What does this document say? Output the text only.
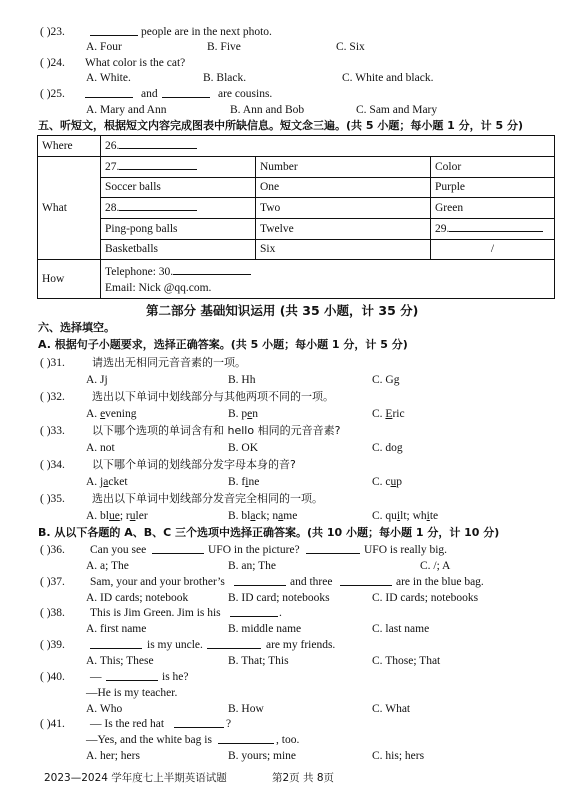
( )23.	people are in the next photo.
A. Four	B. Five	C. Six
( )24. What color is the cat?
A. White.	B. Black.	C. White and black.
( )25.	and	are cousins.
A. Mary and Ann	B. Ann and Bob	C. Sam and Mary
五、听短文，根据短文内容完成图表中所缺信息。短文念三遍。(共 5 小题；每小题 1 分，计 5 分)
Where	26.		
What	27.	Number	Color
	Soccer balls	One	Purple
	28.	Two	Green
	Ping-pong balls	Twelve	29.
	Basketballs	Six	/
How	Telephone: 30.
Email: Nick @qq.com.		
第二部分 基础知识运用 (共 35 小题，计 35 分)
六、选择填空。
A. 根据句子小题要求，选择正确答案。(共 5 小题；每小题 1 分，计 5 分)
( )31. 请选出无相同元音音素的一项。
A. Jj	B. Hh	C. Gg
( )32. 选出以下单词中划线部分与其他两项不同的一项。
A. evening	B. pen	C. Eric
( )33. 以下哪个选项的单词含有和 hello 相同的元音音素?
A. not	B. OK	C. dog
( )34. 以下哪个单词的划线部分发字母本身的音?
A. jacket	B. fine	C. cup
( )35. 选出以下单词中划线部分发音完全相同的一项。
A. blue; ruler	B. black; name	C. quilt; white
B. 从以下各题的 A、B、C 三个选项中选择正确答案。(共 10 小题；每小题 1 分，计 10 分)
( )36. Can you see	UFO in the picture?	UFO is really big.
A. a; The	B. an; The	C. /; A
( )37. Sam, your and your brother’s	and three	are in the blue bag.
A. ID cards; notebook	B. ID card; notebooks	C. ID cards; notebooks
( )38. This is Jim Green. Jim is his	.
A. first name	B. middle name	C. last name
( )39.	is my uncle.	are my friends.
A. This; These	B. That; This	C. Those; That
( )40. —	is he?
—He is my teacher.
A. Who	B. How	C. What
( )41. — Is the red hat	?
—Yes, and the white bag is	, too.
A. her; hers	B. yours; mine	C. his; hers
2023—2024 学年度七上半期英语试题	第2页 共 8页
